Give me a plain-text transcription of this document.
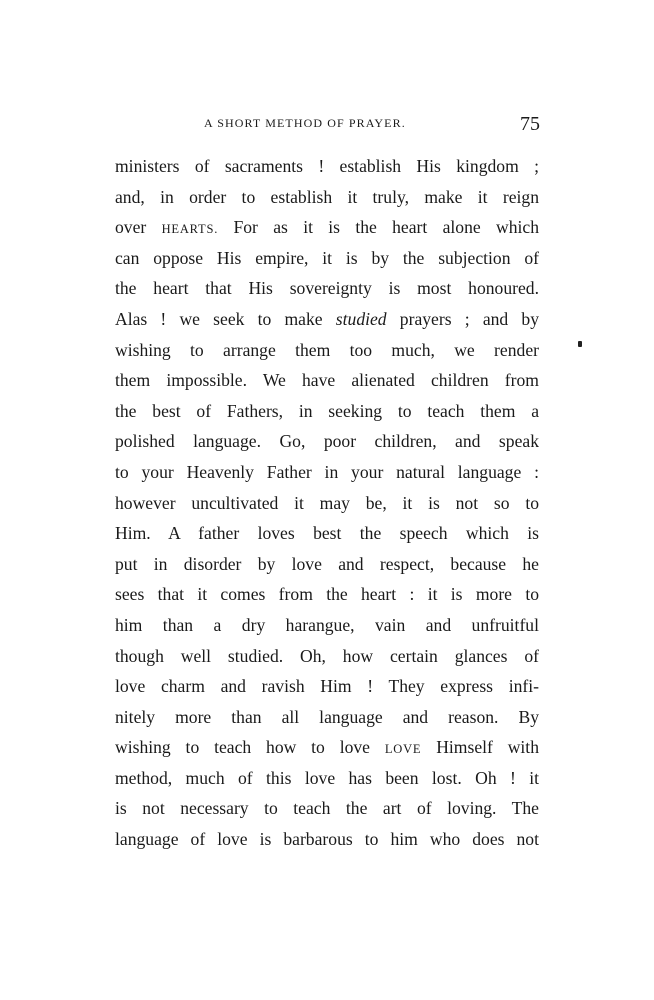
A SHORT METHOD OF PRAYER.	75
ministers of sacraments ! establish His kingdom ;
and, in order to establish it truly, make it reign
over HEARTS. For as it is the heart alone which
can oppose His empire, it is by the subjection of
the heart that His sovereignty is most honoured.
Alas ! we seek to make studied prayers ; and by
wishing to arrange them too much, we render
them impossible. We have alienated children from
the best of Fathers, in seeking to teach them a
polished language. Go, poor children, and speak
to your Heavenly Father in your natural language :
however uncultivated it may be, it is not so to
Him. A father loves best the speech which is
put in disorder by love and respect, because he
sees that it comes from the heart : it is more to
him than a dry harangue, vain and unfruitful
though well studied. Oh, how certain glances of
love charm and ravish Him ! They express infi-
nitely more than all language and reason. By
wishing to teach how to love LOVE Himself with
method, much of this love has been lost. Oh ! it
is not necessary to teach the art of loving. The
language of love is barbarous to him who does not
